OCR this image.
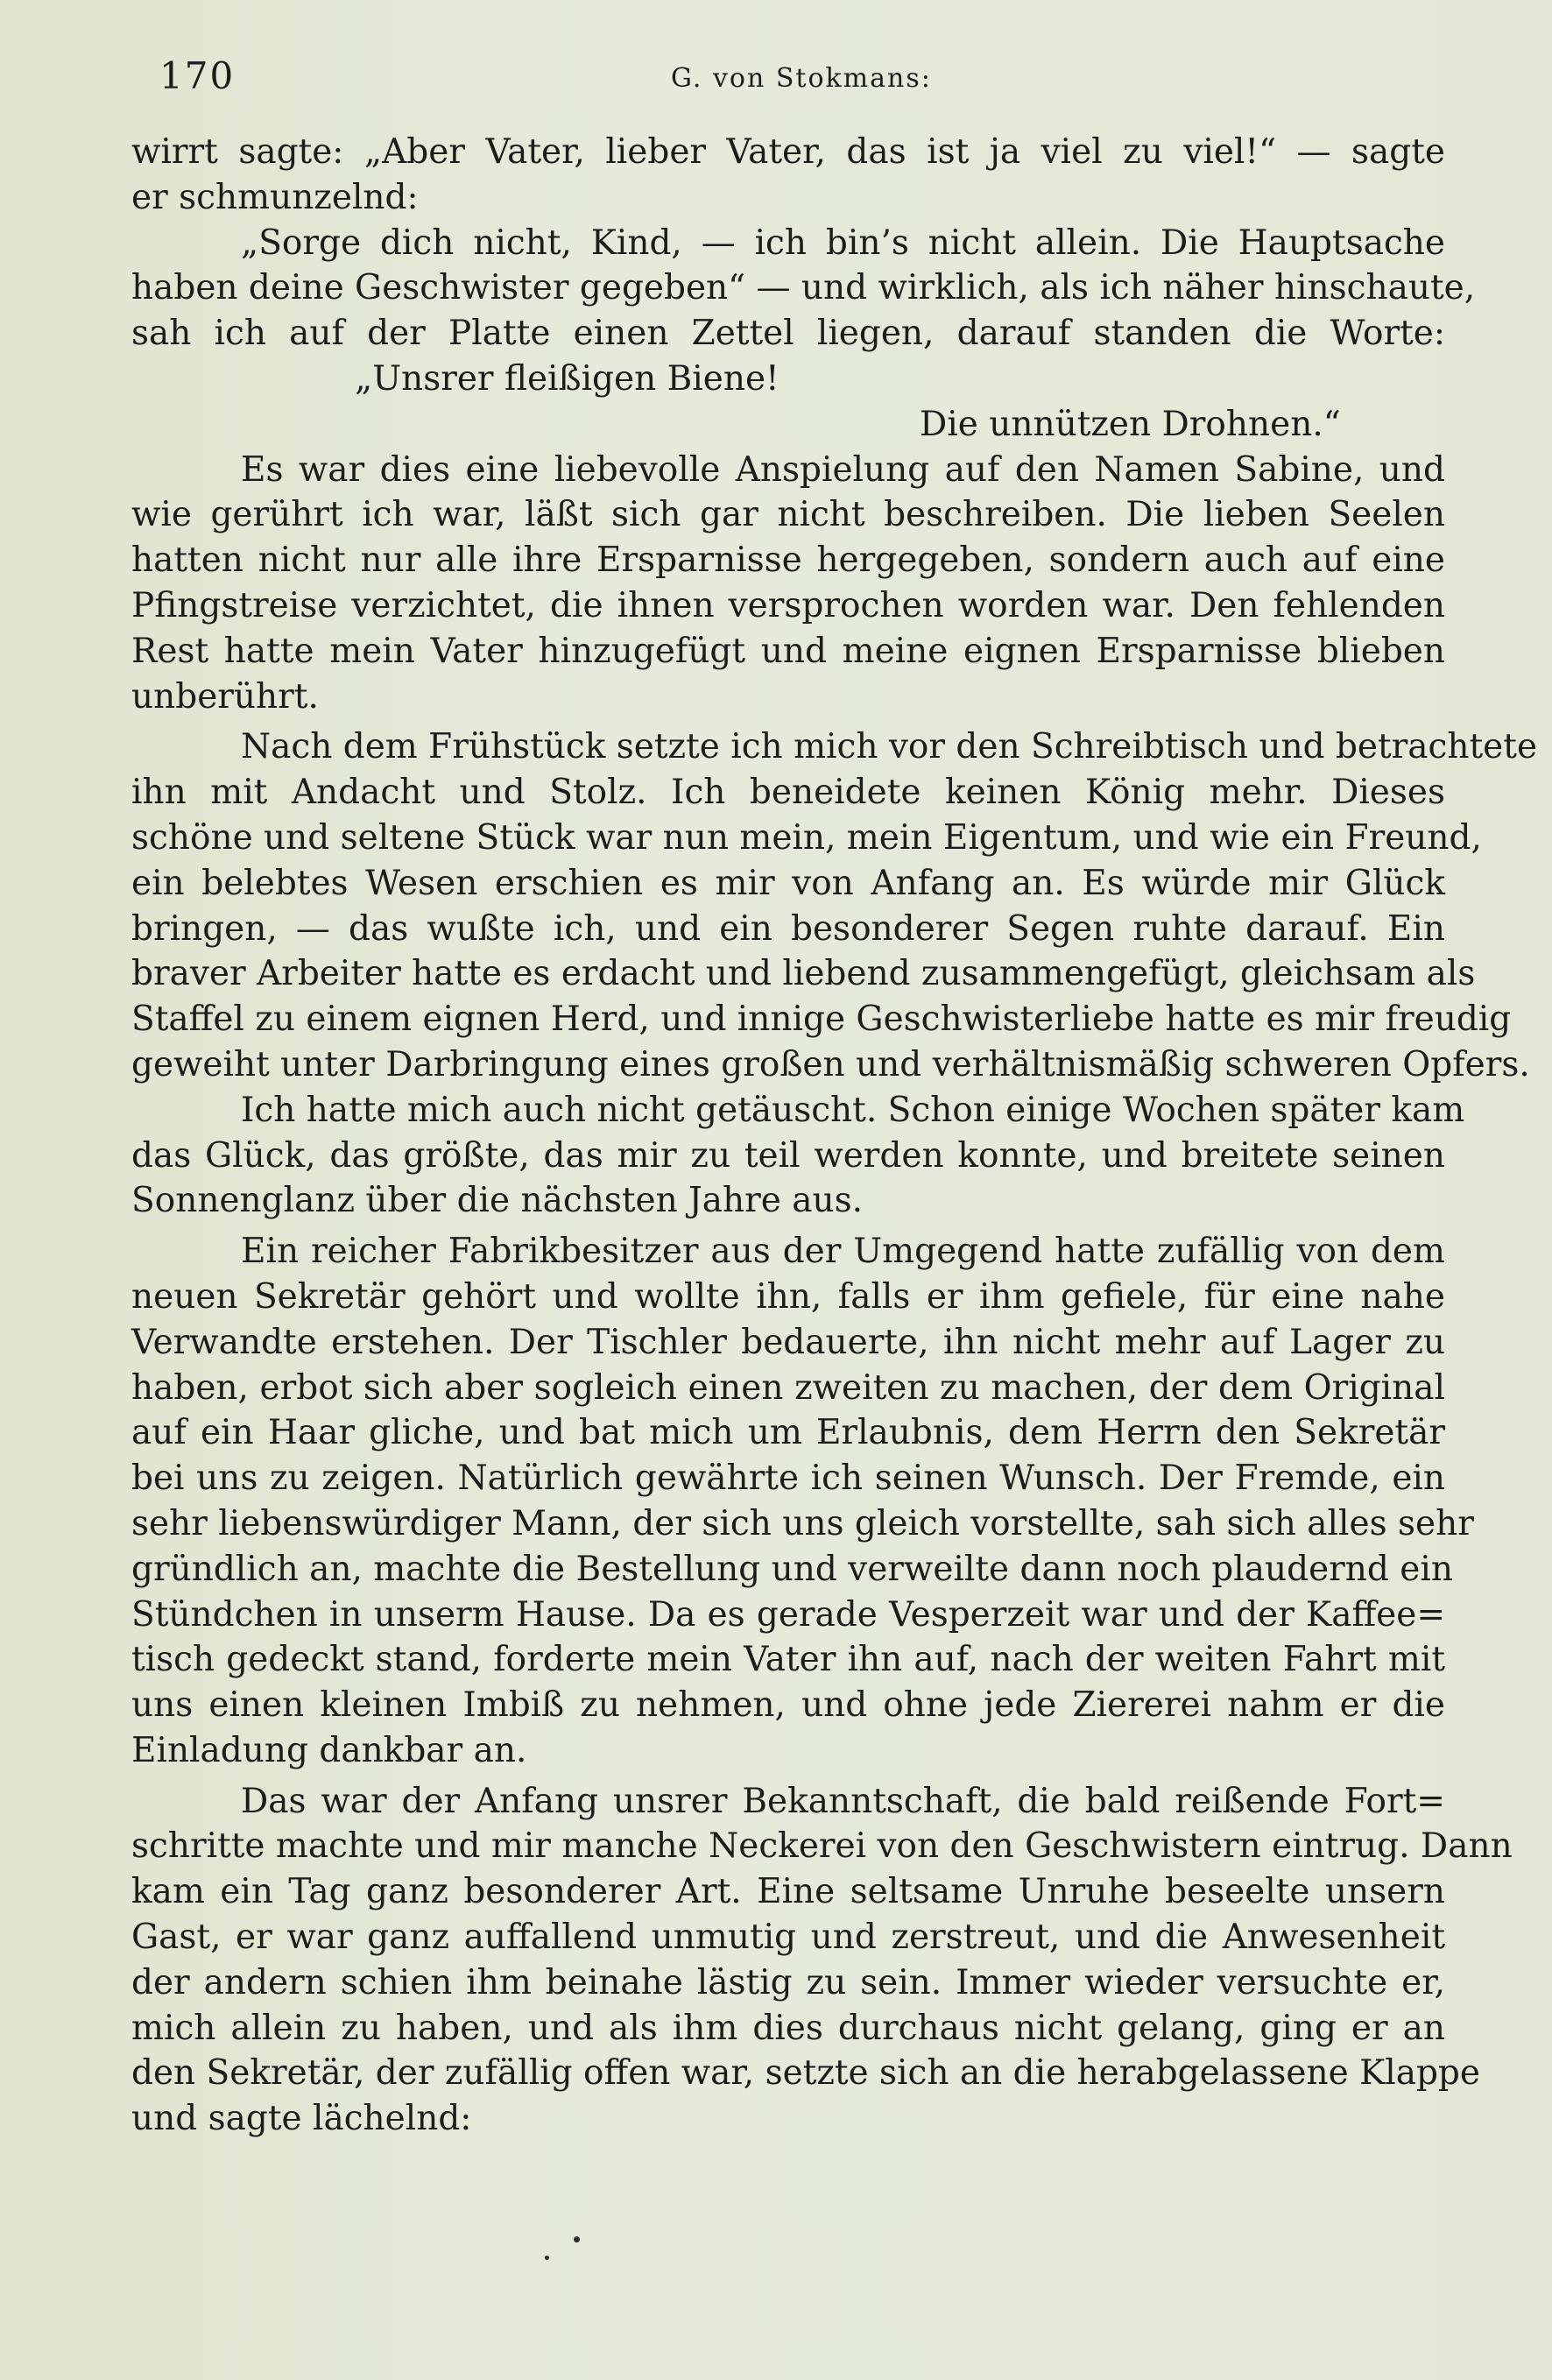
170	G. von Stokmans:
wirrt sagte: „Aber Vater, lieber Vater, das ist ja viel zu viel!“ — sagte
er schmunzelnd:
„Sorge dich nicht, Kind, — ich bin’s nicht allein. Die Hauptsache
haben deine Geschwister gegeben“ — und wirklich, als ich näher hinschaute,
sah ich auf der Platte einen Zettel liegen, darauf standen die Worte:
„Unsrer fleißigen Biene!
Die unnützen Drohnen.“
Es war dies eine liebevolle Anspielung auf den Namen Sabine, und
wie gerührt ich war, läßt sich gar nicht beschreiben. Die lieben Seelen
hatten nicht nur alle ihre Ersparnisse hergegeben, sondern auch auf eine
Pfingstreise verzichtet, die ihnen versprochen worden war. Den fehlenden
Rest hatte mein Vater hinzugefügt und meine eignen Ersparnisse blieben
unberührt.
Nach dem Frühstück setzte ich mich vor den Schreibtisch und betrachtete
ihn mit Andacht und Stolz. Ich beneidete keinen König mehr. Dieses
schöne und seltene Stück war nun mein, mein Eigentum, und wie ein Freund,
ein belebtes Wesen erschien es mir von Anfang an. Es würde mir Glück
bringen, — das wußte ich, und ein besonderer Segen ruhte darauf. Ein
braver Arbeiter hatte es erdacht und liebend zusammengefügt, gleichsam als
Staffel zu einem eignen Herd, und innige Geschwisterliebe hatte es mir freudig
geweiht unter Darbringung eines großen und verhältnismäßig schweren Opfers.
Ich hatte mich auch nicht getäuscht. Schon einige Wochen später kam
das Glück, das größte, das mir zu teil werden konnte, und breitete seinen
Sonnenglanz über die nächsten Jahre aus.
Ein reicher Fabrikbesitzer aus der Umgegend hatte zufällig von dem
neuen Sekretär gehört und wollte ihn, falls er ihm gefiele, für eine nahe
Verwandte erstehen. Der Tischler bedauerte, ihn nicht mehr auf Lager zu
haben, erbot sich aber sogleich einen zweiten zu machen, der dem Original
auf ein Haar gliche, und bat mich um Erlaubnis, dem Herrn den Sekretär
bei uns zu zeigen. Natürlich gewährte ich seinen Wunsch. Der Fremde, ein
sehr liebenswürdiger Mann, der sich uns gleich vorstellte, sah sich alles sehr
gründlich an, machte die Bestellung und verweilte dann noch plaudernd ein
Stündchen in unserm Hause. Da es gerade Vesperzeit war und der Kaffee=
tisch gedeckt stand, forderte mein Vater ihn auf, nach der weiten Fahrt mit
uns einen kleinen Imbiß zu nehmen, und ohne jede Ziererei nahm er die
Einladung dankbar an.
Das war der Anfang unsrer Bekanntschaft, die bald reißende Fort=
schritte machte und mir manche Neckerei von den Geschwistern eintrug. Dann
kam ein Tag ganz besonderer Art. Eine seltsame Unruhe beseelte unsern
Gast, er war ganz auffallend unmutig und zerstreut, und die Anwesenheit
der andern schien ihm beinahe lästig zu sein. Immer wieder versuchte er,
mich allein zu haben, und als ihm dies durchaus nicht gelang, ging er an
den Sekretär, der zufällig offen war, setzte sich an die herabgelassene Klappe
und sagte lächelnd:
